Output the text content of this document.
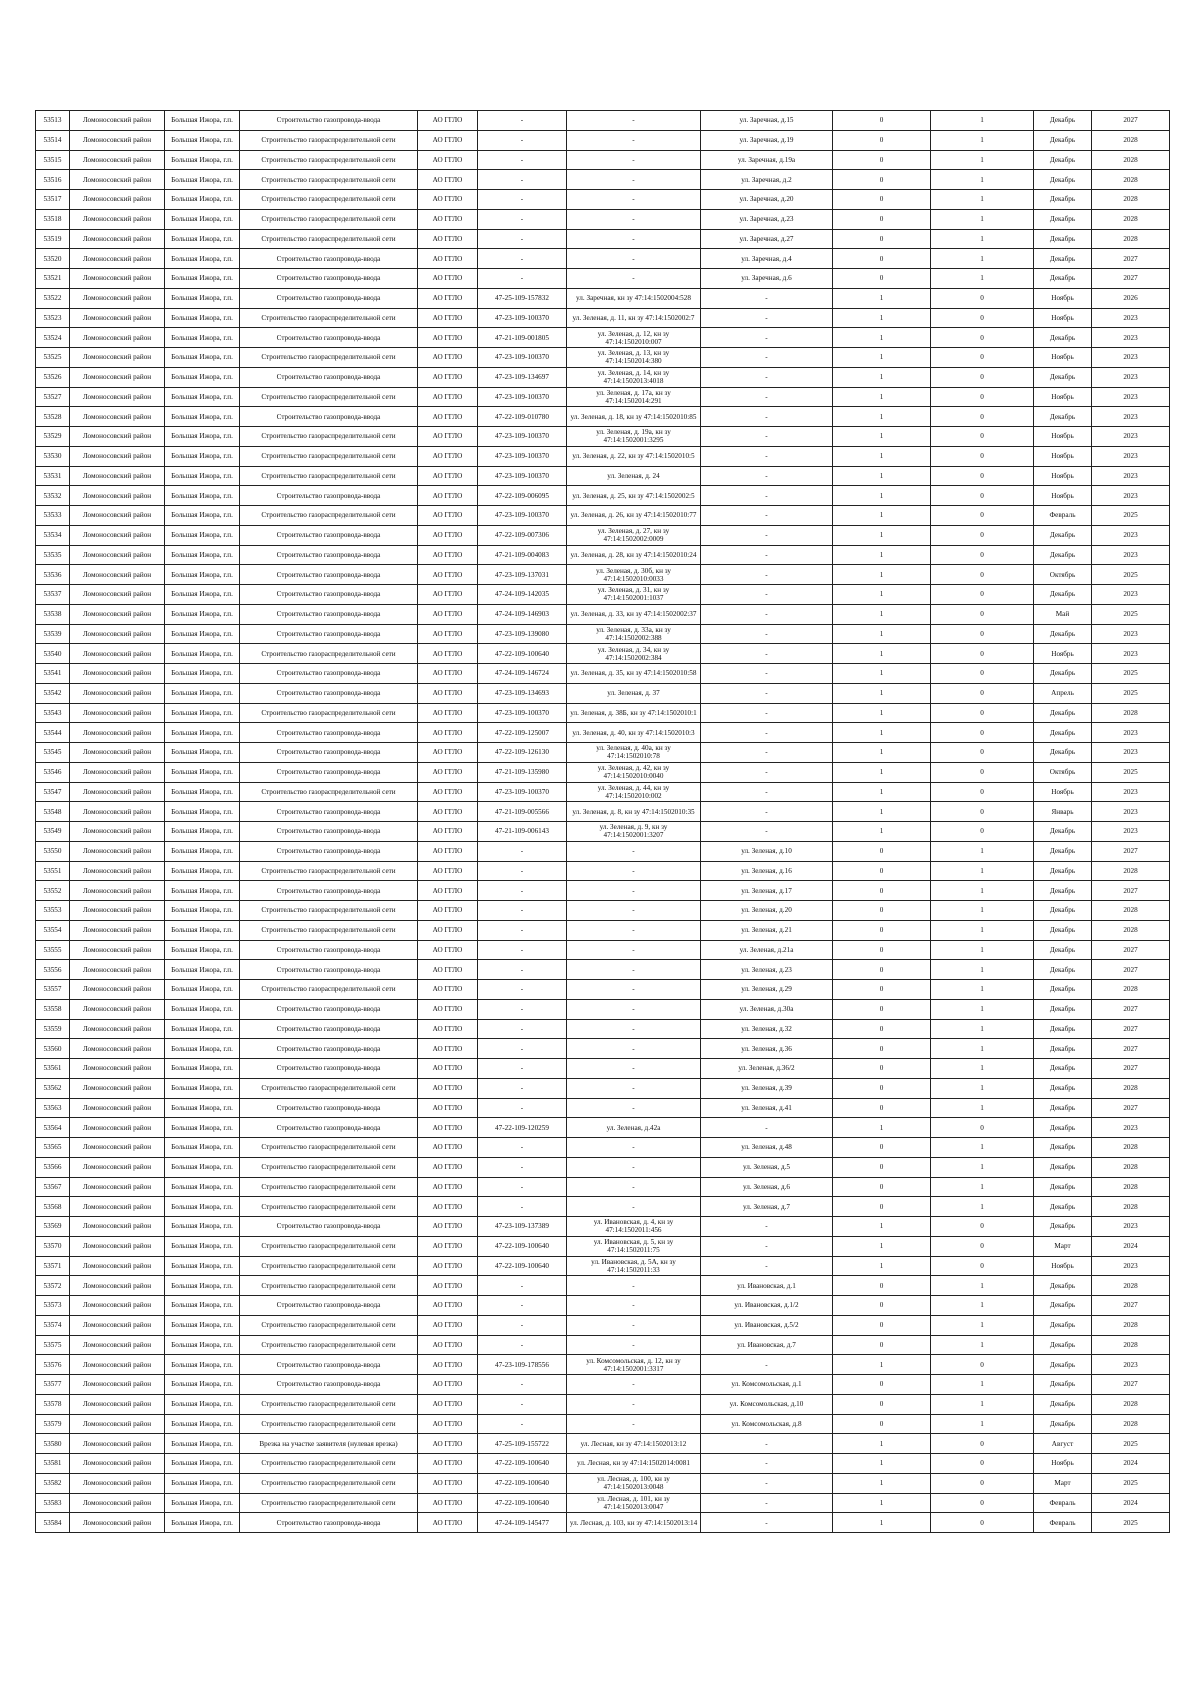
53513	Ломоносовский район	Большая Ижора, г.п.	Строительство газопровода-ввода	АО ГГЛО	-	-	ул. Заречная, д.15	0	1	Декабрь	2027
53514	Ломоносовский район	Большая Ижора, г.п.	Строительство газораспределительной сети	АО ГГЛО	-	-	ул. Заречная, д.19	0	1	Декабрь	2028
53515	Ломоносовский район	Большая Ижора, г.п.	Строительство газораспределительной сети	АО ГГЛО	-	-	ул. Заречная, д.19а	0	1	Декабрь	2028
53516	Ломоносовский район	Большая Ижора, г.п.	Строительство газораспределительной сети	АО ГГЛО	-	-	ул. Заречная, д.2	0	1	Декабрь	2028
53517	Ломоносовский район	Большая Ижора, г.п.	Строительство газораспределительной сети	АО ГГЛО	-	-	ул. Заречная, д.20	0	1	Декабрь	2028
53518	Ломоносовский район	Большая Ижора, г.п.	Строительство газораспределительной сети	АО ГГЛО	-	-	ул. Заречная, д.23	0	1	Декабрь	2028
53519	Ломоносовский район	Большая Ижора, г.п.	Строительство газораспределительной сети	АО ГГЛО	-	-	ул. Заречная, д.27	0	1	Декабрь	2028
53520	Ломоносовский район	Большая Ижора, г.п.	Строительство газопровода-ввода	АО ГГЛО	-	-	ул. Заречная, д.4	0	1	Декабрь	2027
53521	Ломоносовский район	Большая Ижора, г.п.	Строительство газопровода-ввода	АО ГГЛО	-	-	ул. Заречная, д.6	0	1	Декабрь	2027
53522	Ломоносовский район	Большая Ижора, г.п.	Строительство газопровода-ввода	АО ГГЛО	47-25-109-157832	ул. Заречная, кн зу 47:14:1502004:528	-	1	0	Ноябрь	2026
53523	Ломоносовский район	Большая Ижора, г.п.	Строительство газораспределительной сети	АО ГГЛО	47-23-109-100370	ул. Зеленая, д. 11, кн зу 47:14:1502002:7	-	1	0	Ноябрь	2023
53524	Ломоносовский район	Большая Ижора, г.п.	Строительство газопровода-ввода	АО ГГЛО	47-21-109-001805	ул. Зеленая, д. 12, кн зу 47:14:1502010:007	-	1	0	Декабрь	2023
53525	Ломоносовский район	Большая Ижора, г.п.	Строительство газораспределительной сети	АО ГГЛО	47-23-109-100370	ул. Зеленая, д. 13, кн зу 47:14:1502014:380	-	1	0	Ноябрь	2023
53526	Ломоносовский район	Большая Ижора, г.п.	Строительство газопровода-ввода	АО ГГЛО	47-23-109-134697	ул. Зеленая, д. 14, кн зу 47:14:1502013:4018	-	1	0	Декабрь	2023
53527	Ломоносовский район	Большая Ижора, г.п.	Строительство газораспределительной сети	АО ГГЛО	47-23-109-100370	ул. Зеленая, д. 17а, кн зу 47:14:1502014:291	-	1	0	Ноябрь	2023
53528	Ломоносовский район	Большая Ижора, г.п.	Строительство газопровода-ввода	АО ГГЛО	47-22-109-010780	ул. Зеленая, д. 18, кн зу 47:14:1502010:85	-	1	0	Декабрь	2023
53529	Ломоносовский район	Большая Ижора, г.п.	Строительство газораспределительной сети	АО ГГЛО	47-23-109-100370	ул. Зеленая, д. 19а, кн зу 47:14:1502001:3295	-	1	0	Ноябрь	2023
53530	Ломоносовский район	Большая Ижора, г.п.	Строительство газораспределительной сети	АО ГГЛО	47-23-109-100370	ул. Зеленая, д. 22, кн зу 47:14:1502010:5	-	1	0	Ноябрь	2023
53531	Ломоносовский район	Большая Ижора, г.п.	Строительство газораспределительной сети	АО ГГЛО	47-23-109-100370	ул. Зеленая, д. 24	-	1	0	Ноябрь	2023
53532	Ломоносовский район	Большая Ижора, г.п.	Строительство газопровода-ввода	АО ГГЛО	47-22-109-006095	ул. Зеленая, д. 25, кн зу 47:14:1502002:5	-	1	0	Ноябрь	2023
53533	Ломоносовский район	Большая Ижора, г.п.	Строительство газораспределительной сети	АО ГГЛО	47-23-109-100370	ул. Зеленая, д. 26, кн зу 47:14:1502010:77	-	1	0	Февраль	2025
53534	Ломоносовский район	Большая Ижора, г.п.	Строительство газопровода-ввода	АО ГГЛО	47-22-109-007306	ул. Зеленая, д. 27, кн зу 47:14:1502002:0009	-	1	0	Декабрь	2023
53535	Ломоносовский район	Большая Ижора, г.п.	Строительство газопровода-ввода	АО ГГЛО	47-21-109-004083	ул. Зеленая, д. 28, кн зу 47:14:1502010:24	-	1	0	Декабрь	2023
53536	Ломоносовский район	Большая Ижора, г.п.	Строительство газопровода-ввода	АО ГГЛО	47-23-109-137031	ул. Зеленая, д. 30б, кн зу 47:14:1502010:0033	-	1	0	Октябрь	2025
53537	Ломоносовский район	Большая Ижора, г.п.	Строительство газопровода-ввода	АО ГГЛО	47-24-109-142035	ул. Зеленая, д. 31, кн зу 47:14:1502001:1037	-	1	0	Декабрь	2023
53538	Ломоносовский район	Большая Ижора, г.п.	Строительство газопровода-ввода	АО ГГЛО	47-24-109-146903	ул. Зеленая, д. 33, кн зу 47:14:1502002:37	-	1	0	Май	2025
53539	Ломоносовский район	Большая Ижора, г.п.	Строительство газопровода-ввода	АО ГГЛО	47-23-109-139080	ул. Зеленая, д. 33а, кн зу 47:14:1502002:388	-	1	0	Декабрь	2023
53540	Ломоносовский район	Большая Ижора, г.п.	Строительство газораспределительной сети	АО ГГЛО	47-22-109-100640	ул. Зеленая, д. 34, кн зу 47:14:1502002:384	-	1	0	Ноябрь	2023
53541	Ломоносовский район	Большая Ижора, г.п.	Строительство газопровода-ввода	АО ГГЛО	47-24-109-146724	ул. Зеленая, д. 35, кн зу 47:14:1502010:58	-	1	0	Декабрь	2025
53542	Ломоносовский район	Большая Ижора, г.п.	Строительство газопровода-ввода	АО ГГЛО	47-23-109-134693	ул. Зеленая, д. 37	-	1	0	Апрель	2025
53543	Ломоносовский район	Большая Ижора, г.п.	Строительство газораспределительной сети	АО ГГЛО	47-23-109-100370	ул. Зеленая, д. 38Б, кн зу 47:14:1502010:1	-	1	0	Декабрь	2028
53544	Ломоносовский район	Большая Ижора, г.п.	Строительство газопровода-ввода	АО ГГЛО	47-22-109-125007	ул. Зеленая, д. 40, кн зу 47:14:1502010:3	-	1	0	Декабрь	2023
53545	Ломоносовский район	Большая Ижора, г.п.	Строительство газопровода-ввода	АО ГГЛО	47-22-109-126130	ул. Зеленая, д. 40а, кн зу 47:14:1502010:78	-	1	0	Декабрь	2023
53546	Ломоносовский район	Большая Ижора, г.п.	Строительство газопровода-ввода	АО ГГЛО	47-21-109-135980	ул. Зеленая, д. 42, кн зу 47:14:1502010:0040	-	1	0	Октябрь	2025
53547	Ломоносовский район	Большая Ижора, г.п.	Строительство газораспределительной сети	АО ГГЛО	47-23-109-100370	ул. Зеленая, д. 44, кн зу 47:14:1502010:002	-	1	0	Ноябрь	2023
53548	Ломоносовский район	Большая Ижора, г.п.	Строительство газопровода-ввода	АО ГГЛО	47-21-109-005566	ул. Зеленая, д. 8, кн зу 47:14:1502010:35	-	1	0	Январь	2023
53549	Ломоносовский район	Большая Ижора, г.п.	Строительство газопровода-ввода	АО ГГЛО	47-21-109-006143	ул. Зеленая, д. 9, кн зу 47:14:1502001:3207	-	1	0	Декабрь	2023
53550	Ломоносовский район	Большая Ижора, г.п.	Строительство газопровода-ввода	АО ГГЛО	-	-	ул. Зеленая, д.10	0	1	Декабрь	2027
53551	Ломоносовский район	Большая Ижора, г.п.	Строительство газораспределительной сети	АО ГГЛО	-	-	ул. Зеленая, д.16	0	1	Декабрь	2028
53552	Ломоносовский район	Большая Ижора, г.п.	Строительство газопровода-ввода	АО ГГЛО	-	-	ул. Зеленая, д.17	0	1	Декабрь	2027
53553	Ломоносовский район	Большая Ижора, г.п.	Строительство газораспределительной сети	АО ГГЛО	-	-	ул. Зеленая, д.20	0	1	Декабрь	2028
53554	Ломоносовский район	Большая Ижора, г.п.	Строительство газораспределительной сети	АО ГГЛО	-	-	ул. Зеленая, д.21	0	1	Декабрь	2028
53555	Ломоносовский район	Большая Ижора, г.п.	Строительство газопровода-ввода	АО ГГЛО	-	-	ул. Зеленая, д.21а	0	1	Декабрь	2027
53556	Ломоносовский район	Большая Ижора, г.п.	Строительство газопровода-ввода	АО ГГЛО	-	-	ул. Зеленая, д.23	0	1	Декабрь	2027
53557	Ломоносовский район	Большая Ижора, г.п.	Строительство газораспределительной сети	АО ГГЛО	-	-	ул. Зеленая, д.29	0	1	Декабрь	2028
53558	Ломоносовский район	Большая Ижора, г.п.	Строительство газопровода-ввода	АО ГГЛО	-	-	ул. Зеленая, д.30а	0	1	Декабрь	2027
53559	Ломоносовский район	Большая Ижора, г.п.	Строительство газопровода-ввода	АО ГГЛО	-	-	ул. Зеленая, д.32	0	1	Декабрь	2027
53560	Ломоносовский район	Большая Ижора, г.п.	Строительство газопровода-ввода	АО ГГЛО	-	-	ул. Зеленая, д.36	0	1	Декабрь	2027
53561	Ломоносовский район	Большая Ижора, г.п.	Строительство газопровода-ввода	АО ГГЛО	-	-	ул. Зеленая, д.36/2	0	1	Декабрь	2027
53562	Ломоносовский район	Большая Ижора, г.п.	Строительство газораспределительной сети	АО ГГЛО	-	-	ул. Зеленая, д.39	0	1	Декабрь	2028
53563	Ломоносовский район	Большая Ижора, г.п.	Строительство газопровода-ввода	АО ГГЛО	-	-	ул. Зеленая, д.41	0	1	Декабрь	2027
53564	Ломоносовский район	Большая Ижора, г.п.	Строительство газопровода-ввода	АО ГГЛО	47-22-109-120259	ул. Зеленая, д.42а	-	1	0	Декабрь	2023
53565	Ломоносовский район	Большая Ижора, г.п.	Строительство газораспределительной сети	АО ГГЛО	-	-	ул. Зеленая, д.48	0	1	Декабрь	2028
53566	Ломоносовский район	Большая Ижора, г.п.	Строительство газораспределительной сети	АО ГГЛО	-	-	ул. Зеленая, д.5	0	1	Декабрь	2028
53567	Ломоносовский район	Большая Ижора, г.п.	Строительство газораспределительной сети	АО ГГЛО	-	-	ул. Зеленая, д.6	0	1	Декабрь	2028
53568	Ломоносовский район	Большая Ижора, г.п.	Строительство газораспределительной сети	АО ГГЛО	-	-	ул. Зеленая, д.7	0	1	Декабрь	2028
53569	Ломоносовский район	Большая Ижора, г.п.	Строительство газопровода-ввода	АО ГГЛО	47-23-109-137389	ул. Ивановская, д. 4, кн зу 47:14:1502011:456	-	1	0	Декабрь	2023
53570	Ломоносовский район	Большая Ижора, г.п.	Строительство газораспределительной сети	АО ГГЛО	47-22-109-100640	ул. Ивановская, д. 5, кн зу 47:14:1502011:75	-	1	0	Март	2024
53571	Ломоносовский район	Большая Ижора, г.п.	Строительство газораспределительной сети	АО ГГЛО	47-22-109-100640	ул. Ивановская, д. 5А, кн зу 47:14:1502011:33	-	1	0	Ноябрь	2023
53572	Ломоносовский район	Большая Ижора, г.п.	Строительство газораспределительной сети	АО ГГЛО	-	-	ул. Ивановская, д.1	0	1	Декабрь	2028
53573	Ломоносовский район	Большая Ижора, г.п.	Строительство газопровода-ввода	АО ГГЛО	-	-	ул. Ивановская, д.1/2	0	1	Декабрь	2027
53574	Ломоносовский район	Большая Ижора, г.п.	Строительство газораспределительной сети	АО ГГЛО	-	-	ул. Ивановская, д.5/2	0	1	Декабрь	2028
53575	Ломоносовский район	Большая Ижора, г.п.	Строительство газораспределительной сети	АО ГГЛО	-	-	ул. Ивановская, д.7	0	1	Декабрь	2028
53576	Ломоносовский район	Большая Ижора, г.п.	Строительство газопровода-ввода	АО ГГЛО	47-23-109-178556	ул. Комсомольская, д. 12, кн зу 47:14:1502001:3317	-	1	0	Декабрь	2023
53577	Ломоносовский район	Большая Ижора, г.п.	Строительство газопровода-ввода	АО ГГЛО	-	-	ул. Комсомольская, д.1	0	1	Декабрь	2027
53578	Ломоносовский район	Большая Ижора, г.п.	Строительство газораспределительной сети	АО ГГЛО	-	-	ул. Комсомольская, д.10	0	1	Декабрь	2028
53579	Ломоносовский район	Большая Ижора, г.п.	Строительство газораспределительной сети	АО ГГЛО	-	-	ул. Комсомольская, д.8	0	1	Декабрь	2028
53580	Ломоносовский район	Большая Ижора, г.п.	Врезка на участке заявителя (нулевая врезка)	АО ГГЛО	47-25-109-155722	ул. Лесная, кн зу 47:14:1502013:12	-	1	0	Август	2025
53581	Ломоносовский район	Большая Ижора, г.п.	Строительство газораспределительной сети	АО ГГЛО	47-22-109-100640	ул. Лесная, кн зу 47:14:1502014:0081	-	1	0	Ноябрь	2024
53582	Ломоносовский район	Большая Ижора, г.п.	Строительство газораспределительной сети	АО ГГЛО	47-22-109-100640	ул. Лесная, д. 100, кн зу 47:14:1502013:0048	-	1	0	Март	2025
53583	Ломоносовский район	Большая Ижора, г.п.	Строительство газораспределительной сети	АО ГГЛО	47-22-109-100640	ул. Лесная, д. 101, кн зу 47:14:1502013:0047	-	1	0	Февраль	2024
53584	Ломоносовский район	Большая Ижора, г.п.	Строительство газопровода-ввода	АО ГГЛО	47-24-109-145477	ул. Лесная, д. 103, кн зу 47:14:1502013:14	-	1	0	Февраль	2025
